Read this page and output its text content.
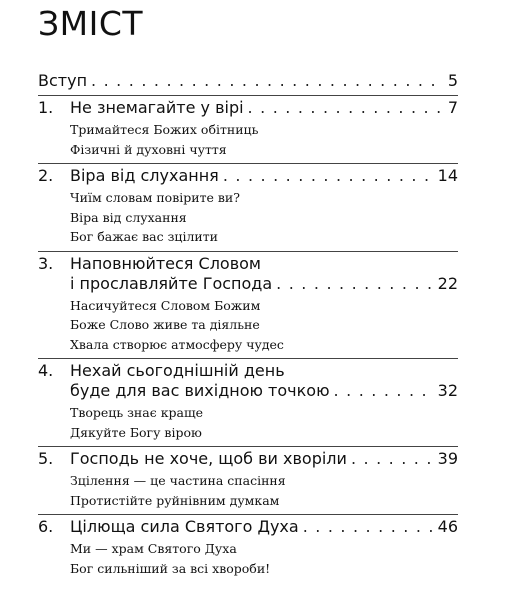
ЗМІСТ
Вступ . . .	5
1.	Не знемагайте у вірі . . .	7
Тримайтеся Божих обітниць
Фізичні й духовні чуття
2.	Віра від слухання . . .	14
Чиїм словам повірите ви?
Віра від слухання
Бог бажає вас зцілити
3.	Наповнюйтеся Словом
і прославляйте Господа . . .	22
Насичуйтеся Словом Божим
Боже Слово живе та діяльне
Хвала створює атмосферу чудес
4.	Нехай сьогоднішній день
буде для вас вихідною точкою . . .	32
Творець знає краще
Дякуйте Богу вірою
5.	Господь не хоче, щоб ви хворіли . . .	39
Зцілення — це частина спасіння
Протистійте руйнівним думкам
6.	Цілюща сила Святого Духа . . .	46
Ми — храм Святого Духа
Бог сильніший за всі хвороби!
